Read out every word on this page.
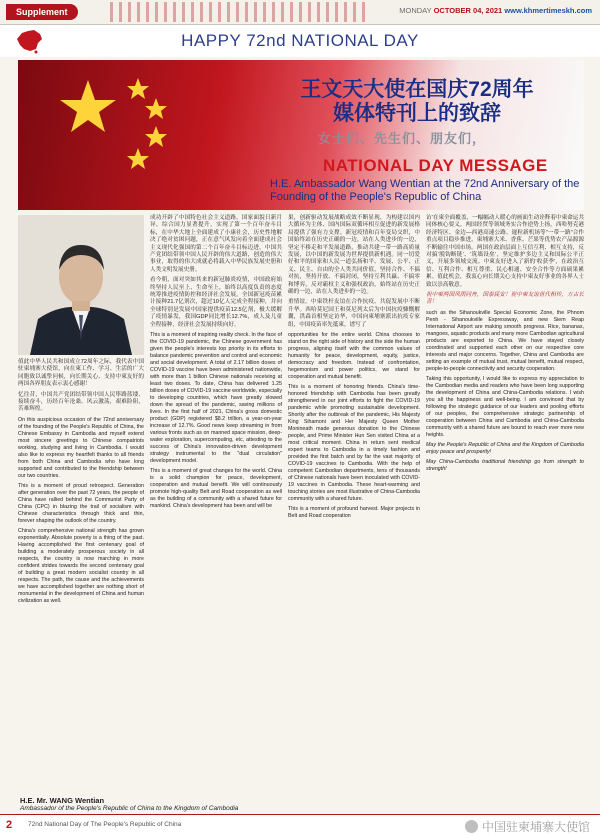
Supplement	MONDAY OCTOBER 04, 2021 www.khmertimeskh.com
HAPPY 72nd NATIONAL DAY
王文天大使在国庆72周年
媒体特刊上的致辞
女士们、先生们、朋友们，
NATIONAL DAY MESSAGE
H.E. Ambassador Wang Wentian at the 72nd Anniversary of the Founding of the People's Republic of China

值此中华人民共和国成立72周年之际，我代表中国驻柬埔寨大使馆，向在柬工作、学习、生活的广大同胞致以诚挚问候，向长期关心、支持中柬友好的两国各界朋友表示衷心感谢！

忆往昔，中国共产党团结带领中国人民筚路蓝缕、接续奋斗，历经百年沧桑、风云激荡，艰难险阻，苦难辉煌。

On this auspicious occasion of the 72nd anniversary of the founding of the People's Republic of China, the Chinese Embassy in Cambodia and myself extend most sincere greetings to Chinese compatriots working, studying and living in Cambodia. I would also like to express my heartfelt thanks to all friends from both China and Cambodia who have long supported and contributed to the friendship between our two countries.

This is a moment of proud retrospect. Generation after generation over the past 72 years, the people of China have rallied behind the Communist Party of China (CPC) in blazing the trail of socialism with Chinese characteristics through thick and thin, forever shaping the outlook of the country.

China's comprehensive national strength has grown exponentially. Absolute poverty is a thing of the past. Having accomplished the first centenary goal of building a moderately prosperous society in all respects, the country is now marching in more confident strides towards the second centenary goal of building a great modern socialist country in all respects. The path, the cause and the achievements we have accomplished together are nothing short of monumental in the development of China and human civilization as well.

成功开辟了中国特色社会主义道路，国家面貌日新月异，综合国力显著提升，实现了第一个百年奋斗目标，在中华大地上全面建成了小康社会，历史性地解决了绝对贫困问题，正在意气风发向着全面建成社会主义现代化强国的第二个百年奋斗目标迈进。中国共产党团结带领中国人民开辟的伟大道路，创造的伟大事业，取得的伟大成就必将载入中华民族发展史册和人类文明发展史册。

看今朝，面对突如其来的新冠肺炎疫情，中国政府始终坚持人民至上、生命至上，始终以高度负责的态度统筹推进疫情防控和经济社会发展，全国新冠疫苗累计接种21.7亿剂次，超过10亿人完成全程接种，并向全球特别是发展中国家提供疫苗12.5亿剂，极大缓解了疫情暴发，我国GDP同比增长12.7%，成人及儿童全程接种，经济社会发展持续向好。

This is a moment of inspiring reality check. In the face of the COVID-19 pandemic, the Chinese government has given the people's interests top priority in its efforts to balance pandemic prevention and control and economic and social development. A total of 2.17 billion doses of COVID-19 vaccine have been administered nationwide, with more than 1 billion Chinese nationals receiving at least two doses. To date, China has delivered 1.25 billion doses of COVID-19 vaccine worldwide, especially to developing countries, which have greatly slowed down the spread of the pandemic, saving millions of lives. In the first half of 2021, China's gross domestic product (GDP) registered $8.2 trillion, a year-on-year increase of 12.7%. Good news keep streaming in from various fronts such as on manned space mission, deep-water exploration, supercomputing, etc, attesting to the success of China's innovation-driven development strategy instrumental to the "dual circulation" development model.

This is a moment of great changes for the world. China is a solid champion for peace, development, cooperation and mutual benefit. We will continuously promote high-quality Belt and Road cooperation as well as the building of a community with a shared future for mankind. China's development has been and will be

果，创新驱动发展战略成效不断显现，为构建以国内大循环为主体、国内国际双循环相互促进的新发展格局提供了强有力支撑。新冠疫情和百年变局交织，中国始终站在历史正确的一边，站在人类进步的一边，坚定不移走和平发展道路，推动共建一带一路高质量发展，以中国的新发展为世界提供新机遇。同一切爱好和平的国家和人民一道弘扬和平、发展、公平、正义、民主、自由的全人类共同价值，坚持合作、不搞对抗，坚持开放、不搞封闭，坚持互利共赢、不搞零和博弈，反对霸权主义和强权政治，始终站在历史正确的一边，站在人类进步的一边。

重情谊。中柬铁杆友谊在合作抗疫、共促发展中不断升华。西哈莫尼国王和莫尼列太后为中国抗疫慷慨解囊，洪森首相坚定访华，中国向柬埔寨派出抗疫专家组，中国疫苗率先抵柬，谱写了

opportunities for the entire world. China chooses to stand on the right side of history and the side the human progress, aligning itself with the common values of humanity for peace, development, equity, justice, democracy and freedom. Instead of confrontation, hegemonism and power politics, we stand for cooperation and mutual benefit.

This is a moment of honoring friends. China's time-honored friendship with Cambodia has been greatly strengthened in our joint efforts to fight the COVID-19 pandemic while promoting sustainable development. Shortly after the outbreak of the pandemic, His Majesty King Sihamoni and Her Majesty Queen Mother Monineath made generous donation to the Chinese people, and Prime Minister Hun Sen visited China at a most critical moment. China in return sent medical expert teams to Cambodia in a timely fashion and provided the first batch and by far the vast majority of COVID-19 vaccines to Cambodia. With the help of competent Cambodian departments, tens of thousands of Chinese nationals have been inoculated with COVID-19 vaccines in Cambodia. These heart-warming and touching stories are most illustrative of China-Cambodia community with a shared future.

This is a moment of profound harvest. Major projects in Belt and Road cooperation

访’在柬全面覆盖，一幅幅动人暖心的画面生动诠释着中柬命运共同体核心要义。两国经贸等领域务实合作逆势上扬，西哈努克港经济特区、金边—西港高速公路、暹粒新机场等“一带一路”合作重点项目稳步推进，柬埔寨大米、香蕉、芒果等优势农产品源源不断输往中国市场。两国在政治层面上互信互利、相互支持，反对搞‘脱钩断链’、‘筑墙设垒’，坚定维护多边主义和国际公平正义，开展多领域交流。中柬友好进入了新的‘收获季’，在政治互信、互利合作、相互尊重、民心相通、安全合作等方面硕果累累。值此机会，我衷心向长期关心支持中柬友好事业的各界人士致以崇高敬意。

祝中柬两国风雨同舟，国泰民安！祝中柬友谊世代相传，万古长青！

such as the Sihanoukville Special Economic Zone, the Phnom Penh - Sihanoukville Expressway, and new Siem Reap International Airport are making smooth progress. Rice, bananas, mangoes, aquatic products and many more Cambodian agricultural products are exported to China. We have stayed closely coordinated and supported each other on our respective core interests and major concerns. Together, China and Cambodia are setting an example of mutual trust, mutual benefit, mutual respect, people-to-people connectivity and security cooperation.

Taking this opportunity, I would like to express my appreciation to the Cambodian media and readers who have been long supporting the development of China and China-Cambodia relations. I wish you all the happiness and well-being. I am convinced that by following the strategic guidance of our leaders and pooling efforts of our peoples, the comprehensive strategic partnership of cooperation between China and Cambodia and China-Cambodia community with a shared future are bound to reach ever more new heights.

May the People's Republic of China and the Kingdom of Cambodia enjoy peace and prosperity!

May China-Cambodia traditional friendship go from strength to strength!

H.E. Mr. WANG Wentian
Ambassador of the People's Republic of China to the Kingdom of Cambodia
2 72nd National Day of The People's Republic of China	中国驻柬埔寨大使馆
